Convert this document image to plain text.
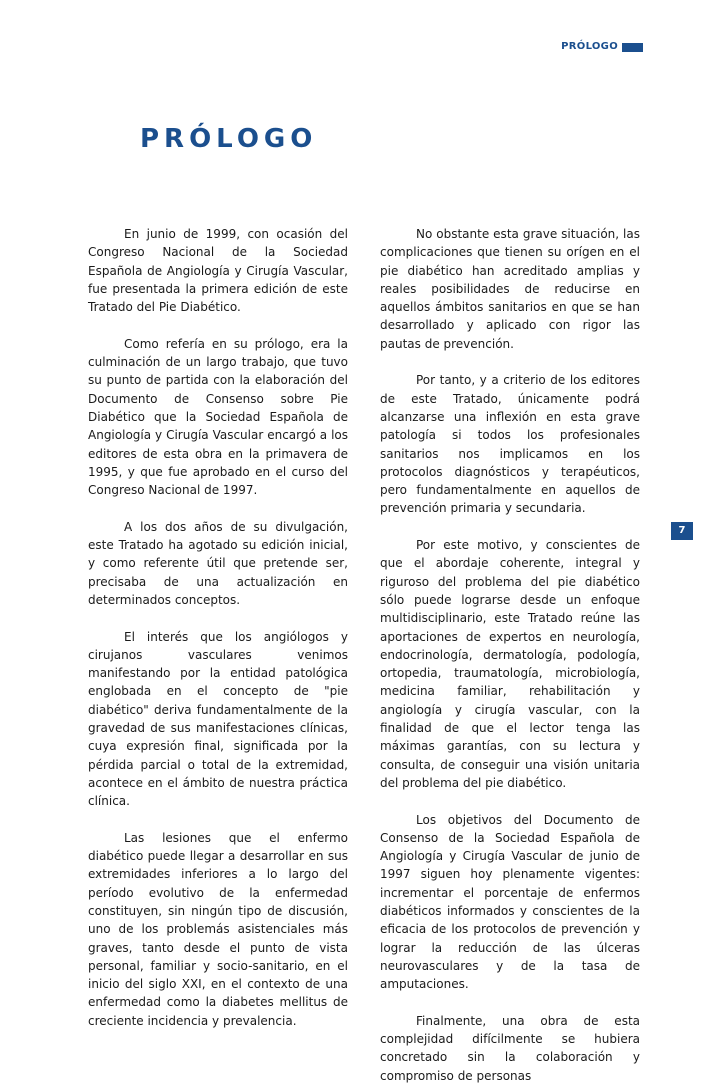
PRÓLOGO
PRÓLOGO

En junio de 1999, con ocasión del Congreso Nacional de la Sociedad Española de Angiología y Cirugía Vascular, fue presentada la primera edición de este Tratado del Pie Diabético.

Como refería en su prólogo, era la culminación de un largo trabajo, que tuvo su punto de partida con la elaboración del Documento de Consenso sobre Pie Diabético que la Sociedad Española de Angiología y Cirugía Vascular encargó a los editores de esta obra en la primavera de 1995, y que fue aprobado en el curso del Congreso Nacional de 1997.

A los dos años de su divulgación, este Tratado ha agotado su edición inicial, y como referente útil que pretende ser, precisaba de una actualización en determinados conceptos.

El interés que los angiólogos y cirujanos vasculares venimos manifestando por la entidad patológica englobada en el concepto de "pie diabético" deriva fundamentalmente de la gravedad de sus manifestaciones clínicas, cuya expresión final, significada por la pérdida parcial o total de la extremidad, acontece en el ámbito de nuestra práctica clínica.

Las lesiones que el enfermo diabético puede llegar a desarrollar en sus extremidades inferiores a lo largo del período evolutivo de la enfermedad constituyen, sin ningún tipo de discusión, uno de los problemás asistenciales más graves, tanto desde el punto de vista personal, familiar y socio-sanitario, en el inicio del siglo XXI, en el contexto de una enfermedad como la diabetes mellitus de creciente incidencia y prevalencia.

No obstante esta grave situación, las complicaciones que tienen su orígen en el pie diabético han acreditado amplias y reales posibilidades de reducirse en aquellos ámbitos sanitarios en que se han desarrollado y aplicado con rigor las pautas de prevención.

Por tanto, y a criterio de los editores de este Tratado, únicamente podrá alcanzarse una inflexión en esta grave patología si todos los profesionales sanitarios nos implicamos en los protocolos diagnósticos y terapéuticos, pero fundamentalmente en aquellos de prevención primaria y secundaria.

Por este motivo, y conscientes de que el abordaje coherente, integral y riguroso del problema del pie diabético sólo puede lograrse desde un enfoque multidisciplinario, este Tratado reúne las aportaciones de expertos en neurología, endocrinología, dermatología, podología, ortopedia, traumatología, microbiología, medicina familiar, rehabilitación y angiología y cirugía vascular, con la finalidad de que el lector tenga las máximas garantías, con su lectura y consulta, de conseguir una visión unitaria del problema del pie diabético.

Los objetivos del Documento de Consenso de la Sociedad Española de Angiología y Cirugía Vascular de junio de 1997 siguen hoy plenamente vigentes: incrementar el porcentaje de enfermos diabéticos informados y conscientes de la eficacia de los protocolos de prevención y lograr la reducción de las úlceras neurovasculares y de la tasa de amputaciones.

Finalmente, una obra de esta complejidad difícilmente se hubiera concretado sin la colaboración y compromiso de personas

7
